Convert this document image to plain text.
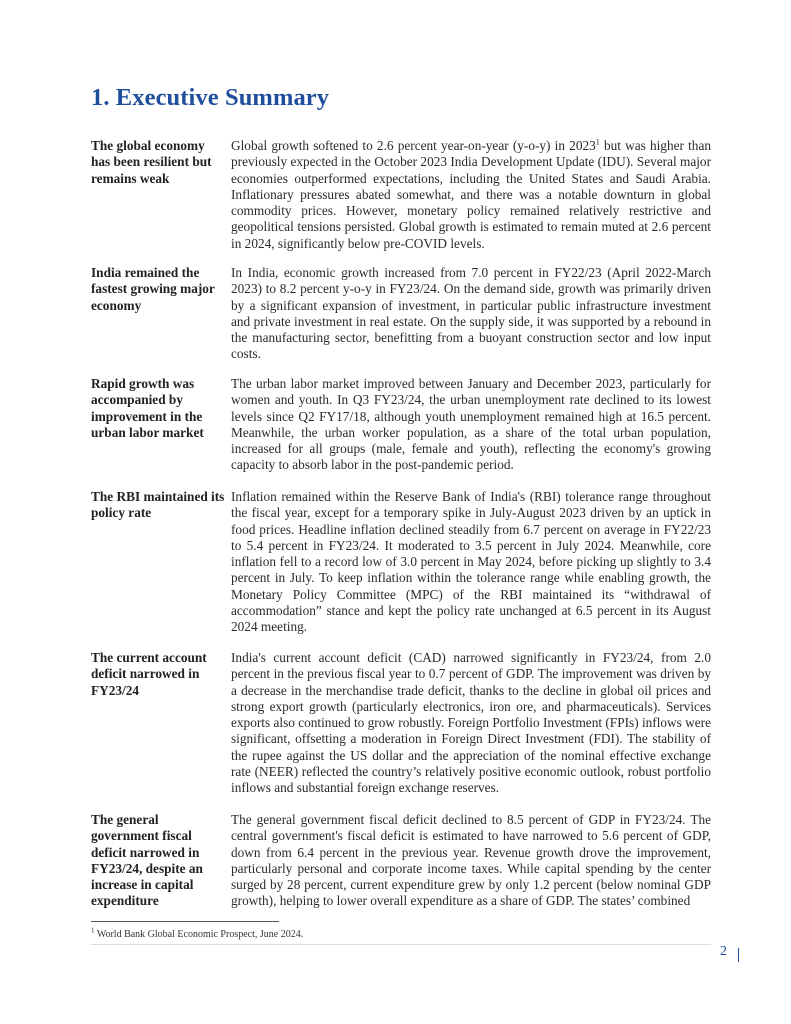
1. Executive Summary
The global economy has been resilient but remains weak
Global growth softened to 2.6 percent year-on-year (y-o-y) in 2023$^1$ but was higher than previously expected in the October 2023 India Development Update (IDU). Several major economies outperformed expectations, including the United States and Saudi Arabia. Inflationary pressures abated somewhat, and there was a notable downturn in global commodity prices. However, monetary policy remained relatively restrictive and geopolitical tensions persisted. Global growth is estimated to remain muted at 2.6 percent in 2024, significantly below pre-COVID levels.
India remained the fastest growing major economy
In India, economic growth increased from 7.0 percent in FY22/23 (April 2022-March 2023) to 8.2 percent y-o-y in FY23/24. On the demand side, growth was primarily driven by a significant expansion of investment, in particular public infrastructure investment and private investment in real estate. On the supply side, it was supported by a rebound in the manufacturing sector, benefitting from a buoyant construction sector and low input costs.
Rapid growth was accompanied by improvement in the urban labor market
The urban labor market improved between January and December 2023, particularly for women and youth. In Q3 FY23/24, the urban unemployment rate declined to its lowest levels since Q2 FY17/18, although youth unemployment remained high at 16.5 percent. Meanwhile, the urban worker population, as a share of the total urban population, increased for all groups (male, female and youth), reflecting the economy's growing capacity to absorb labor in the post-pandemic period.
The RBI maintained its policy rate
Inflation remained within the Reserve Bank of India's (RBI) tolerance range throughout the fiscal year, except for a temporary spike in July-August 2023 driven by an uptick in food prices. Headline inflation declined steadily from 6.7 percent on average in FY22/23 to 5.4 percent in FY23/24. It moderated to 3.5 percent in July 2024. Meanwhile, core inflation fell to a record low of 3.0 percent in May 2024, before picking up slightly to 3.4 percent in July. To keep inflation within the tolerance range while enabling growth, the Monetary Policy Committee (MPC) of the RBI maintained its “withdrawal of accommodation” stance and kept the policy rate unchanged at 6.5 percent in its August 2024 meeting.
The current account deficit narrowed in FY23/24
India's current account deficit (CAD) narrowed significantly in FY23/24, from 2.0 percent in the previous fiscal year to 0.7 percent of GDP. The improvement was driven by a decrease in the merchandise trade deficit, thanks to the decline in global oil prices and strong export growth (particularly electronics, iron ore, and pharmaceuticals). Services exports also continued to grow robustly. Foreign Portfolio Investment (FPIs) inflows were significant, offsetting a moderation in Foreign Direct Investment (FDI). The stability of the rupee against the US dollar and the appreciation of the nominal effective exchange rate (NEER) reflected the country’s relatively positive economic outlook, robust portfolio inflows and substantial foreign exchange reserves.
The general government fiscal deficit narrowed in FY23/24, despite an increase in capital expenditure
The general government fiscal deficit declined to 8.5 percent of GDP in FY23/24. The central government's fiscal deficit is estimated to have narrowed to 5.6 percent of GDP, down from 6.4 percent in the previous year. Revenue growth drove the improvement, particularly personal and corporate income taxes. While capital spending by the center surged by 28 percent, current expenditure grew by only 1.2 percent (below nominal GDP growth), helping to lower overall expenditure as a share of GDP. The states’ combined
$^1$ World Bank Global Economic Prospect, June 2024.
2
